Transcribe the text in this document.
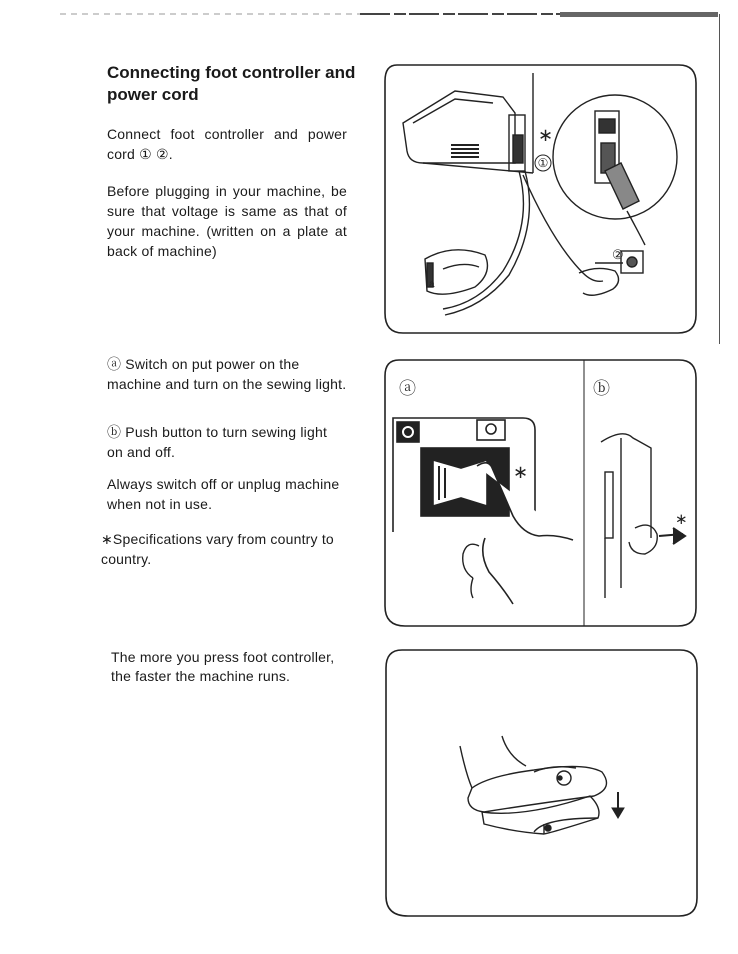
Connecting foot controller and power cord

Connect foot controller and power cord ① ②.

Before plugging in your machine, be sure that voltage is same as that of your machine. (written on a plate at back of machine)

∗
①
a
②

ⓐ Switch on put power on the machine and turn on the sewing light.

ⓑ Push button to turn sewing light on and off.

Always switch off or unplug machine when not in use.

∗Specifications vary from country to country.

ⓐ	ⓑ
∗
∗

The more you press foot controller, the faster the machine runs.
